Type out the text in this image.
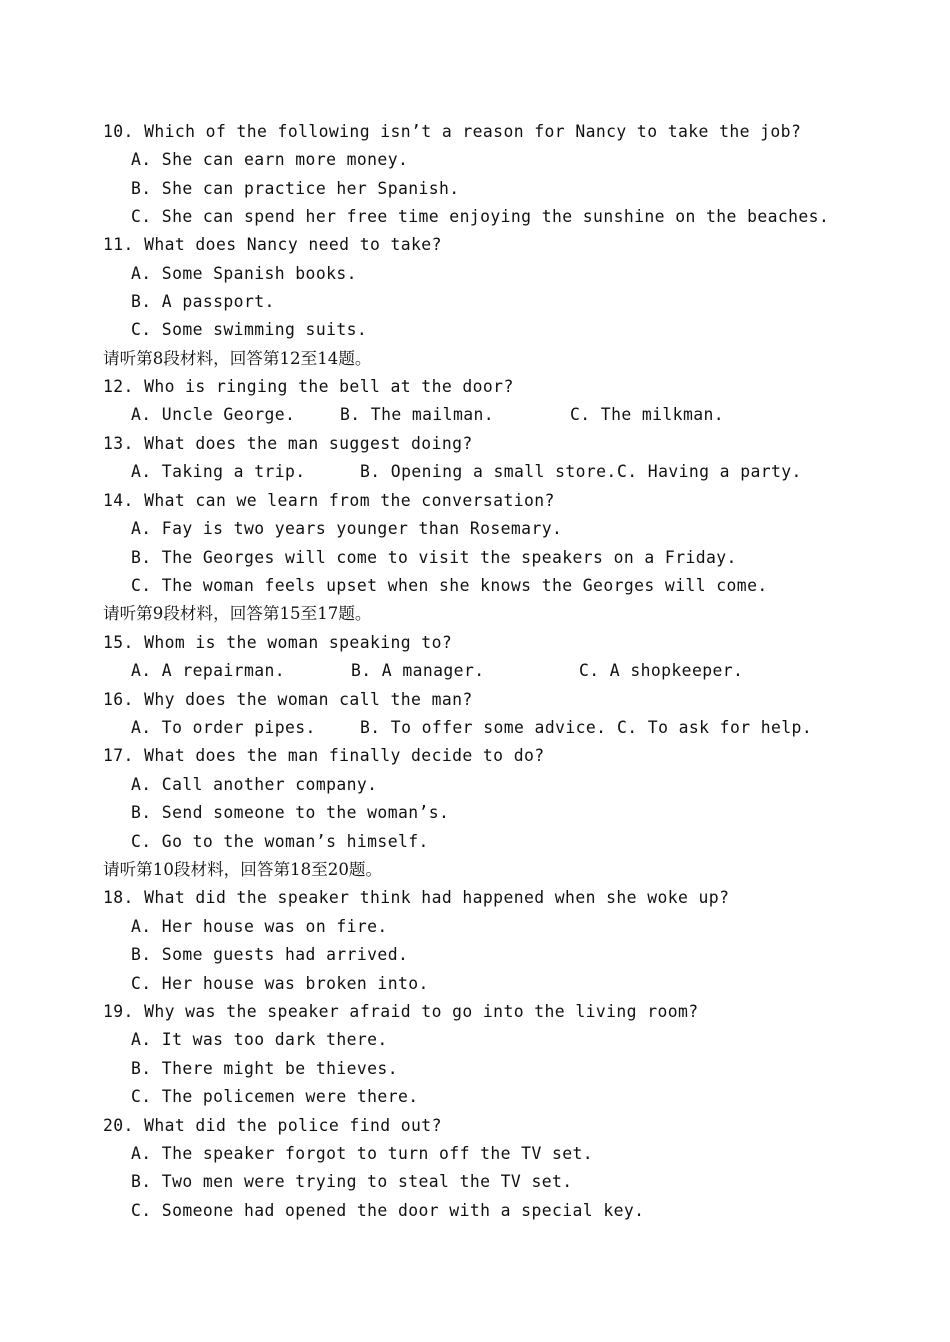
10. Which of the following isn’t a reason for Nancy to take the job?
A. She can earn more money.
B. She can practice her Spanish.
C. She can spend her free time enjoying the sunshine on the beaches.
11. What does Nancy need to take?
A. Some Spanish books.
B. A passport.
C. Some swimming suits.
请听第8段材料，回答第12至14题。
12. Who is ringing the bell at the door?

A. Uncle George.

	B. The mailman.

	C. The milkman.

13. What does the man suggest doing?

A. Taking a trip.

	B. Opening a small store.

C. Having a party.

14. What can we learn from the conversation?
A. Fay is two years younger than Rosemary.
B. The Georges will come to visit the speakers on a Friday.
C. The woman feels upset when she knows the Georges will come.
请听第9段材料，回答第15至17题。
15. Whom is the woman speaking to?

A. A repairman.

	B. A manager.

	C. A shopkeeper.

16. Why does the woman call the man?

A. To order pipes.

	B. To offer some advice.

C. To ask for help.

17. What does the man finally decide to do?
A. Call another company.
B. Send someone to the woman’s.
C. Go to the woman’s himself.
请听第10段材料，回答第18至20题。
18. What did the speaker think had happened when she woke up?
A. Her house was on fire.
B. Some guests had arrived.
C. Her house was broken into.
19. Why was the speaker afraid to go into the living room?
A. It was too dark there.
B. There might be thieves.
C. The policemen were there.
20. What did the police find out?
A. The speaker forgot to turn off the TV set.
B. Two men were trying to steal the TV set.
C. Someone had opened the door with a special key.
